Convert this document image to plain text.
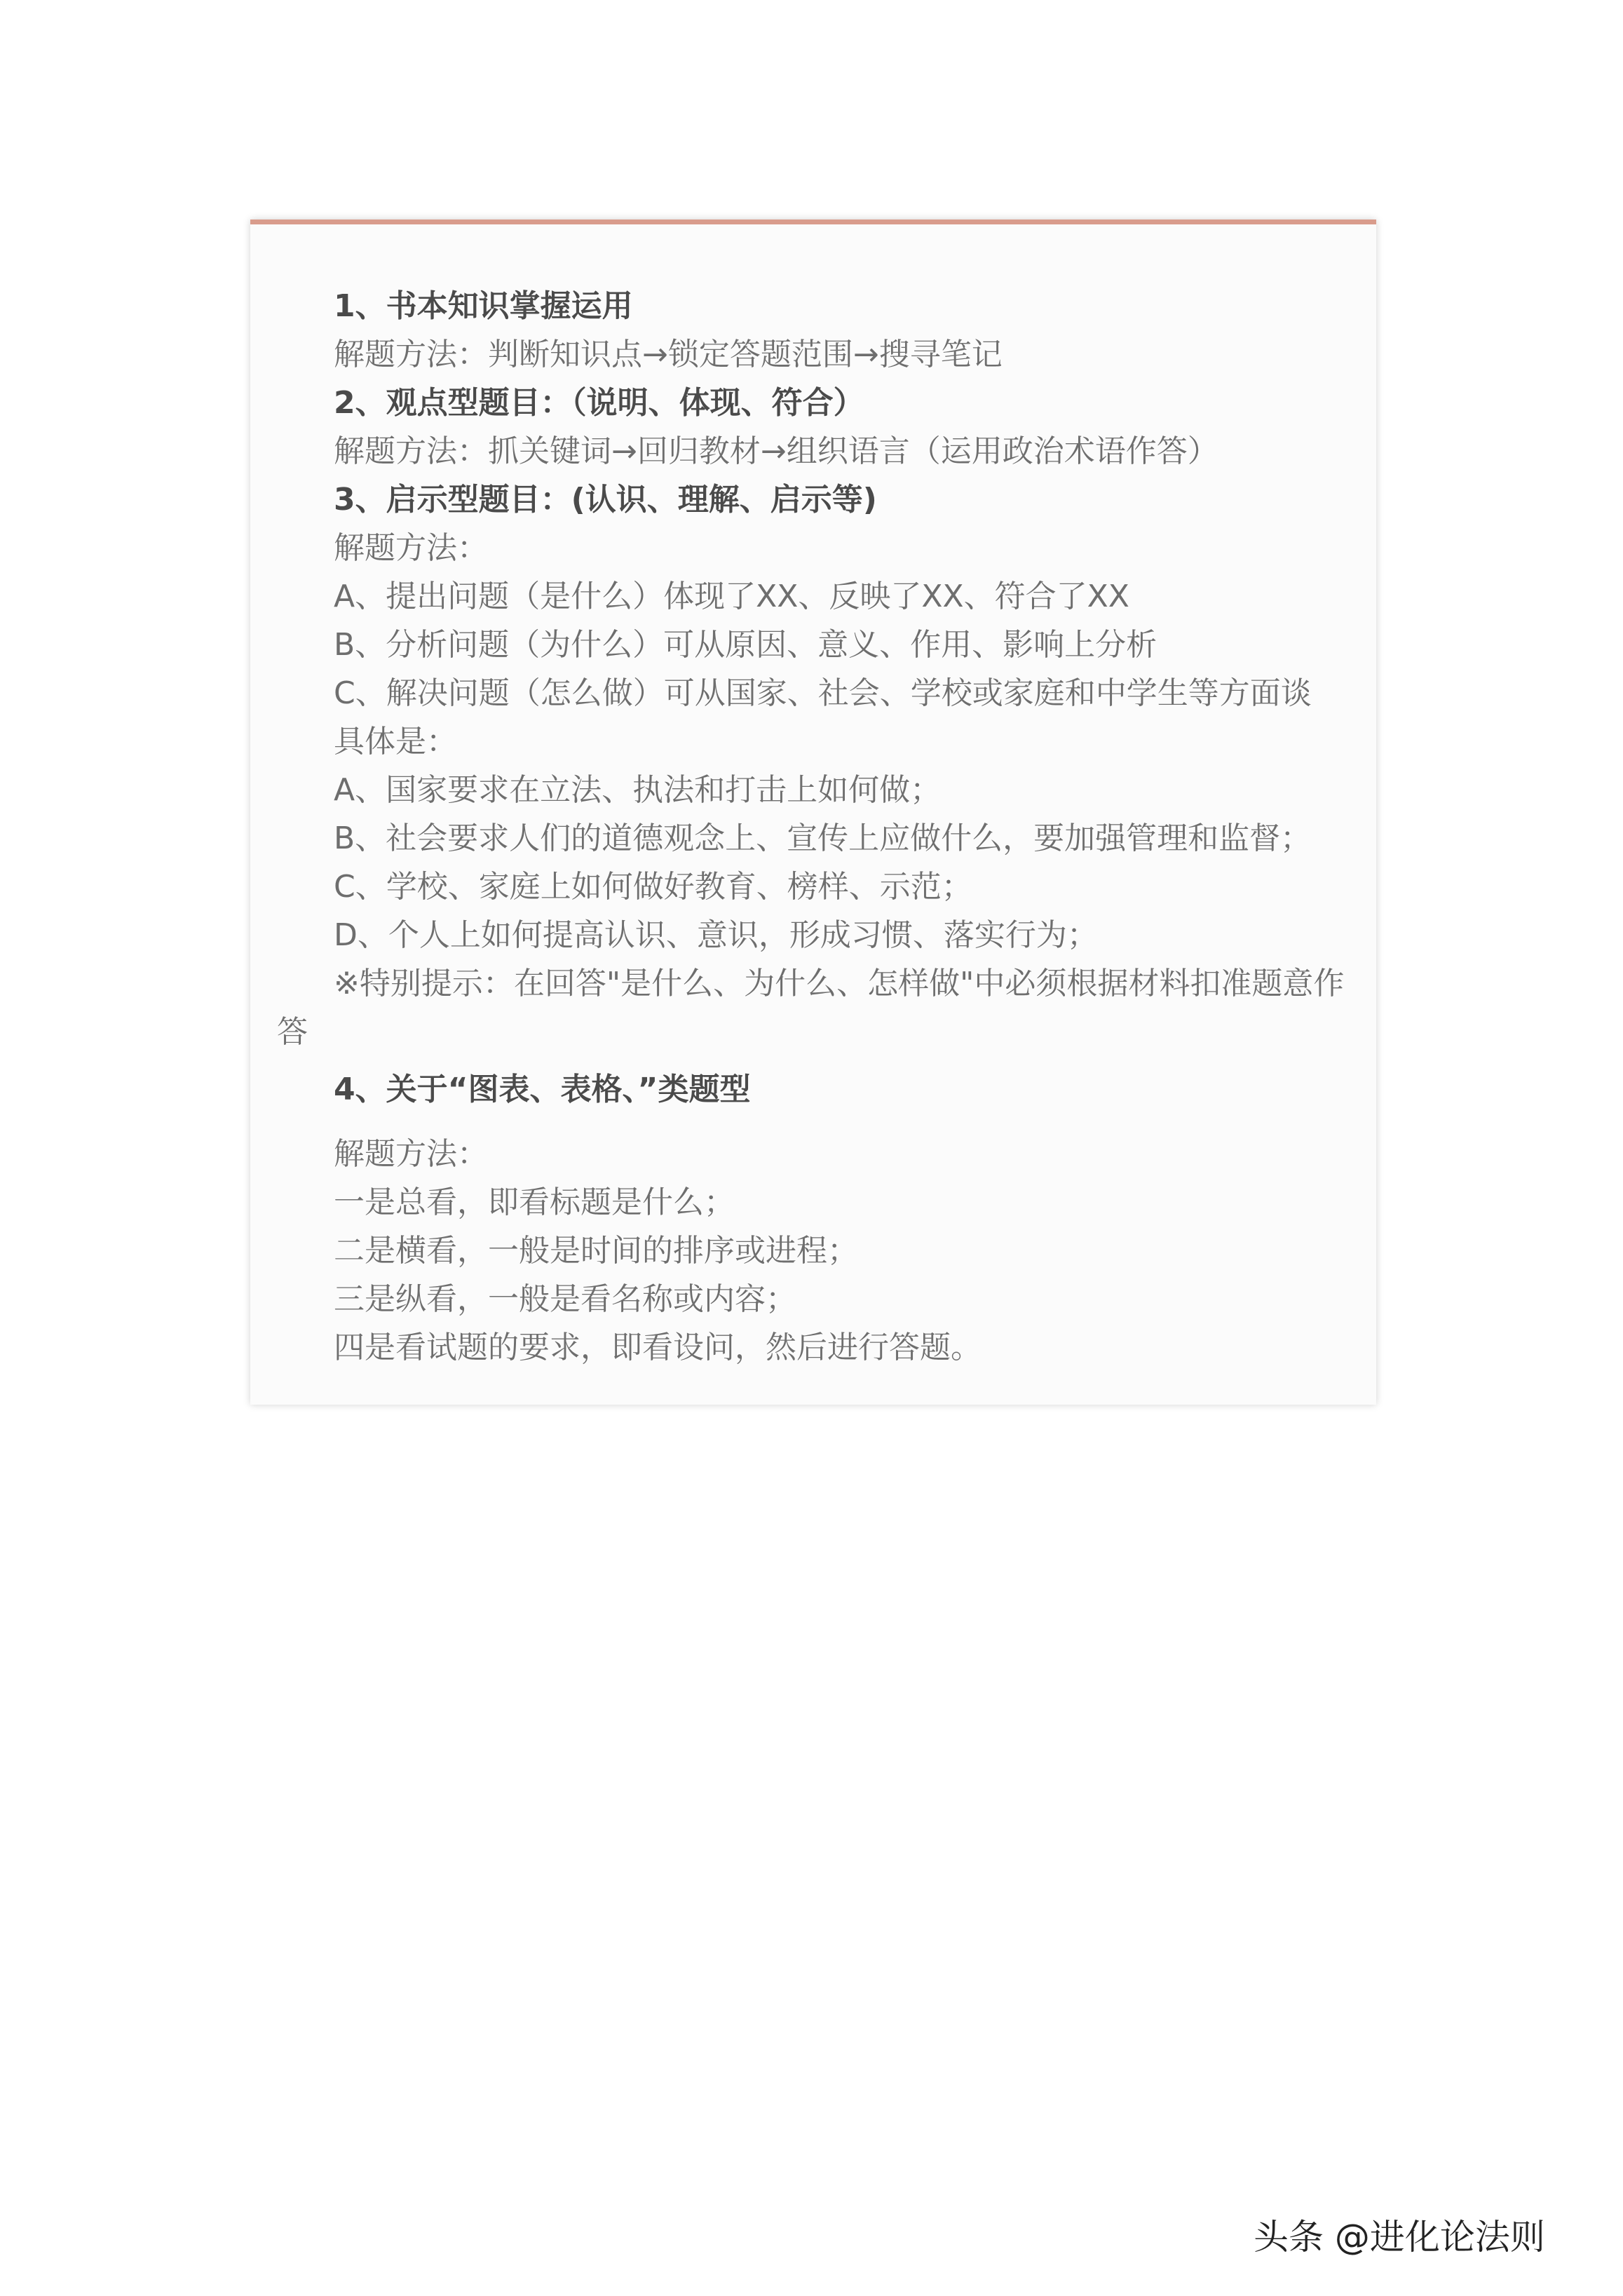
1、书本知识掌握运用
解题方法：判断知识点→锁定答题范围→搜寻笔记
2、观点型题目：（说明、体现、符合）
解题方法：抓关键词→回归教材→组织语言（运用政治术语作答）
3、启示型题目：(认识、理解、启示等)
解题方法：
A、提出问题（是什么）体现了XX、反映了XX、符合了XX
B、分析问题（为什么）可从原因、意义、作用、影响上分析
C、解决问题（怎么做）可从国家、社会、学校或家庭和中学生等方面谈
具体是：
A、国家要求在立法、执法和打击上如何做；
B、社会要求人们的道德观念上、宣传上应做什么，要加强管理和监督；
C、学校、家庭上如何做好教育、榜样、示范；
D、个人上如何提高认识、意识，形成习惯、落实行为；
※特别提示：在回答"是什么、为什么、怎样做"中必须根据材料扣准题意作
答
4、关于“图表、表格、”类题型
解题方法：
一是总看，即看标题是什么；
二是横看，一般是时间的排序或进程；
三是纵看，一般是看名称或内容；
四是看试题的要求，即看设问，然后进行答题。
头条 @进化论法则
